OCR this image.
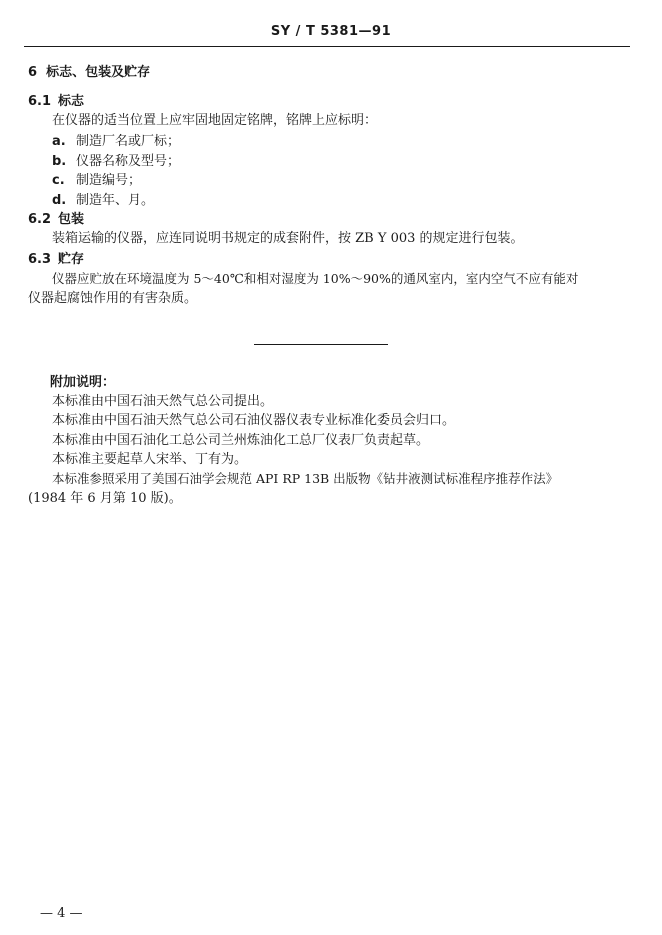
SY / T 5381—91
6 标志、包装及贮存
6.1 标志
在仪器的适当位置上应牢固地固定铭牌，铭牌上应标明：
a. 制造厂名或厂标；
b. 仪器名称及型号；
c. 制造编号；
d. 制造年、月。
6.2 包装
装箱运输的仪器，应连同说明书规定的成套附件，按 ZB Y 003 的规定进行包装。
6.3 贮存
仪器应贮放在环境温度为 5～40℃和相对湿度为 10%～90%的通风室内，室内空气不应有能对
仪器起腐蚀作用的有害杂质。
附加说明：
本标准由中国石油天然气总公司提出。
本标准由中国石油天然气总公司石油仪器仪表专业标准化委员会归口。
本标准由中国石油化工总公司兰州炼油化工总厂仪表厂负责起草。
本标准主要起草人宋举、丁有为。
本标准参照采用了美国石油学会规范 API RP 13B 出版物《钻井液测试标准程序推荐作法》
(1984 年 6 月第 10 版)。
— 4 —
